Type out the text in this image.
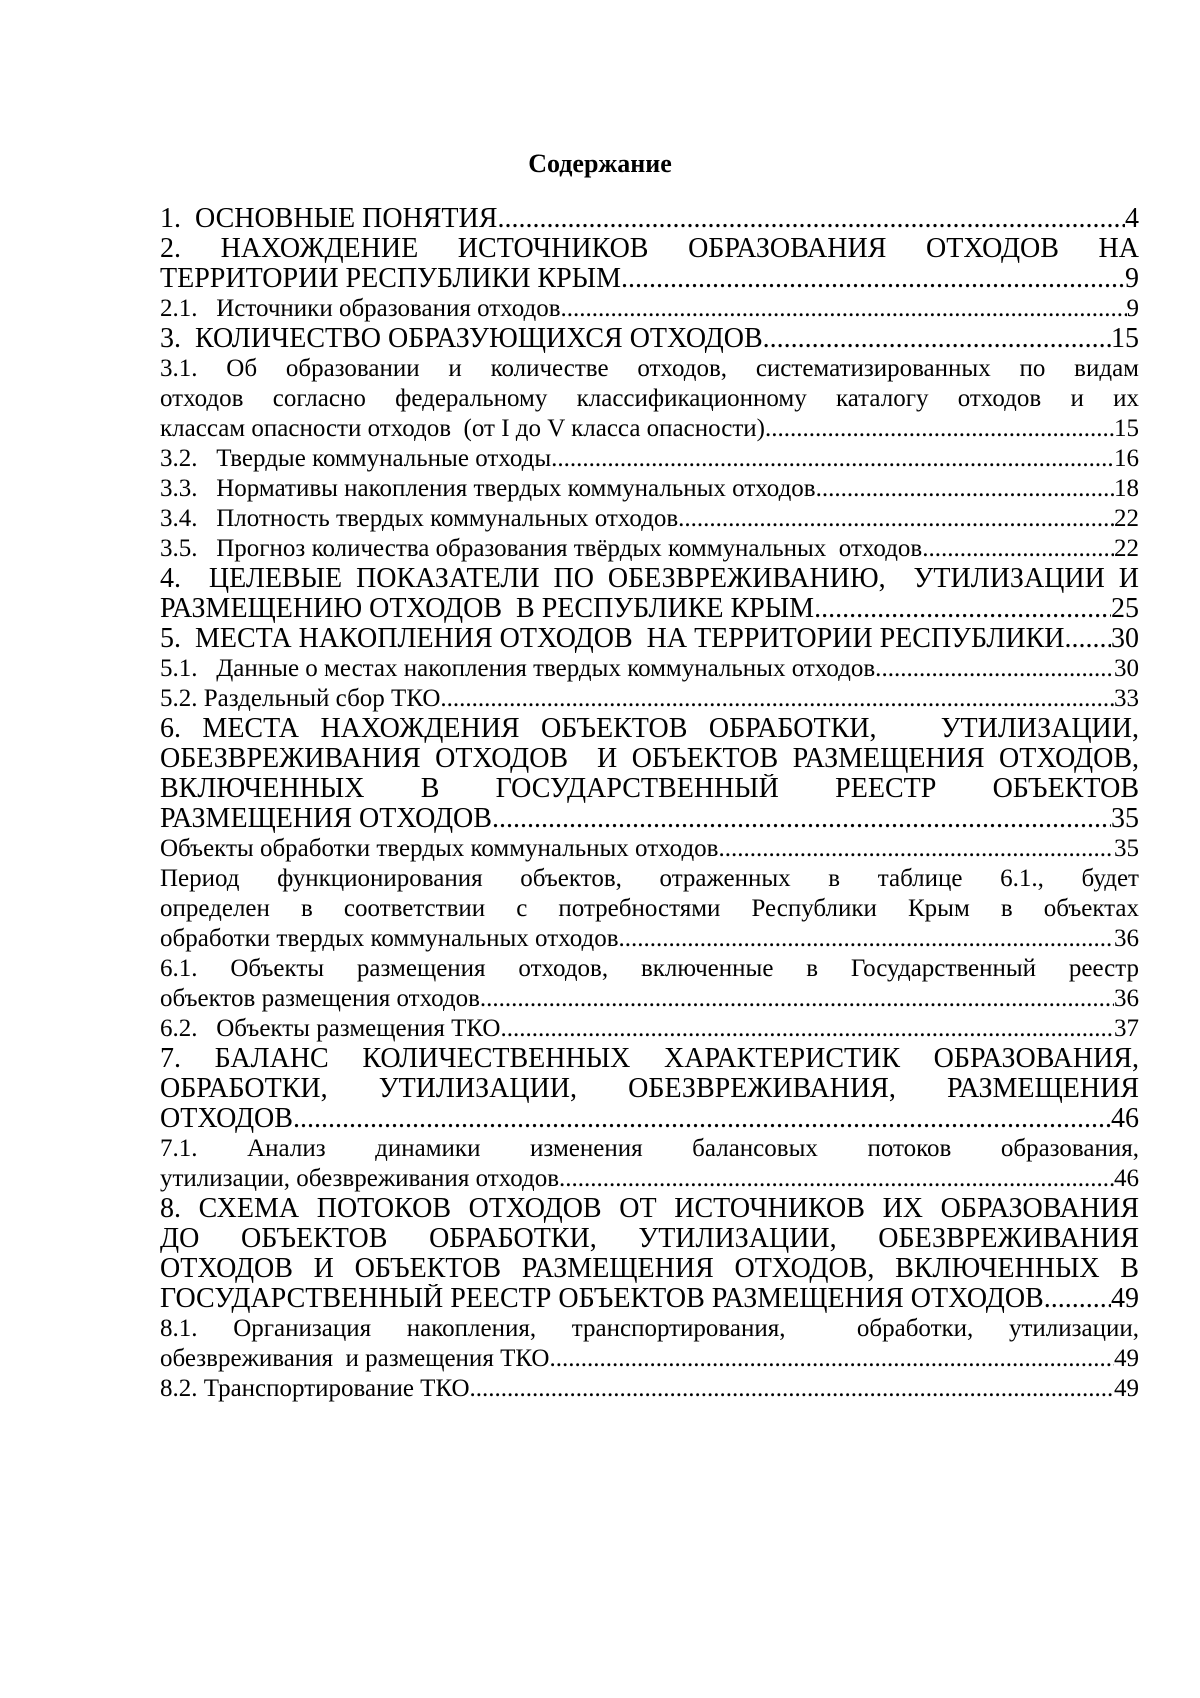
Содержание
1.  ОСНОВНЫЕ ПОНЯТИЯ .....	4
2. НАХОЖДЕНИЕ ИСТОЧНИКОВ ОБРАЗОВАНИЯ ОТХОДОВ НА
ТЕРРИТОРИИ РЕСПУБЛИКИ КРЫМ .....	9
2.1.   Источники образования отходов .....	9
3.  КОЛИЧЕСТВО ОБРАЗУЮЩИХСЯ ОТХОДОВ .....	15
3.1. Об образовании и количестве отходов, систематизированных по видам
отходов согласно федеральному классификационному каталогу отходов и их
классам опасности отходов  (от I до V класса опасности) .....	15
3.2.   Твердые коммунальные отходы .....	16
3.3.   Нормативы накопления твердых коммунальных отходов. .....	18
3.4.   Плотность твердых коммунальных отходов .....	22
3.5.   Прогноз количества образования твёрдых коммунальных  отходов .....	22
4.  ЦЕЛЕВЫЕ ПОКАЗАТЕЛИ ПО ОБЕЗВРЕЖИВАНИЮ,  УТИЛИЗАЦИИ И
РАЗМЕЩЕНИЮ ОТХОДОВ  В РЕСПУБЛИКЕ КРЫМ .....	25
5.  МЕСТА НАКОПЛЕНИЯ ОТХОДОВ  НА ТЕРРИТОРИИ РЕСПУБЛИКИ ..... 30
5.1.   Данные о местах накопления твердых коммунальных отходов. .....	30
5.2. Раздельный сбор ТКО. .....	33
6. МЕСТА НАХОЖДЕНИЯ ОБЪЕКТОВ ОБРАБОТКИ,   УТИЛИЗАЦИИ,
ОБЕЗВРЕЖИВАНИЯ ОТХОДОВ  И ОБЪЕКТОВ РАЗМЕЩЕНИЯ ОТХОДОВ,
ВКЛЮЧЕННЫХ В ГОСУДАРСТВЕННЫЙ РЕЕСТР ОБЪЕКТОВ
РАЗМЕЩЕНИЯ ОТХОДОВ .....	35
Объекты обработки твердых коммунальных отходов .....	35
Период функционирования объектов, отраженных в таблице 6.1., будет
определен в соответствии с потребностями Республики Крым в объектах
обработки твердых коммунальных отходов. .....	36
6.1. Объекты размещения отходов, включенные в Государственный реестр
объектов размещения отходов .....	36
6.2.   Объекты размещения ТКО .....	37
7. БАЛАНС КОЛИЧЕСТВЕННЫХ ХАРАКТЕРИСТИК ОБРАЗОВАНИЯ,
ОБРАБОТКИ, УТИЛИЗАЦИИ, ОБЕЗВРЕЖИВАНИЯ, РАЗМЕЩЕНИЯ
ОТХОДОВ .....	46
7.1. Анализ динамики изменения балансовых потоков образования,
утилизации, обезвреживания отходов .....	46
8. СХЕМА ПОТОКОВ ОТХОДОВ ОТ ИСТОЧНИКОВ ИХ ОБРАЗОВАНИЯ
ДО ОБЪЕКТОВ ОБРАБОТКИ, УТИЛИЗАЦИИ, ОБЕЗВРЕЖИВАНИЯ
ОТХОДОВ И ОБЪЕКТОВ РАЗМЕЩЕНИЯ ОТХОДОВ, ВКЛЮЧЕННЫХ В
ГОСУДАРСТВЕННЫЙ РЕЕСТР ОБЪЕКТОВ РАЗМЕЩЕНИЯ ОТХОДОВ ..... 49
8.1. Организация накопления, транспортирования,  обработки, утилизации,
обезвреживания  и размещения ТКО .....	49
8.2. Транспортирование ТКО .....	49
